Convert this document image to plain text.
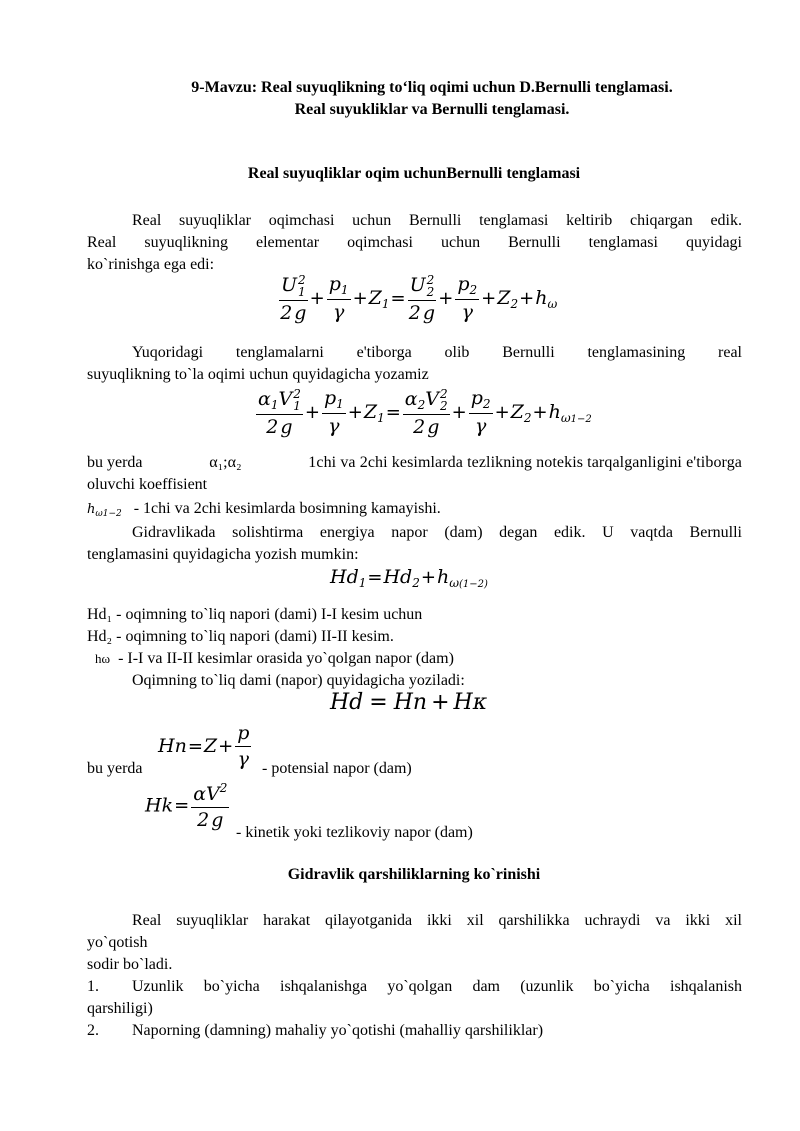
9-Mavzu: Real suyuqlikning to‘liq oqimi uchun D.Bernulli tenglamasi.
Real suyukliklar va Bernulli tenglamasi.
Real suyuqliklar oqim uchunBernulli tenglamasi
Real suyuqliklar oqimchasi uchun Bernulli tenglamasi keltirib chiqargan edik.
Real suyuqlikning elementar oqimchasi uchun Bernulli tenglamasi quyidagi
ko`rinishga ega edi:
U 2
1
2 $g + \frac{p_1}{\gamma} +Z_1= U$ 2
2
2 $g + \frac{p_2}{\gamma} +Z_2+h_\omega$
Yuqoridagi tenglamalarni e'tiborga olib Bernulli tenglamasining real
suyuqlikning to`la oqimi uchun quyidagicha yozamiz
$\alpha_1V$ 2
1
2 $g + \frac{p_1}{\gamma} +Z_1= \alpha_2V$ 2
2
2 $g + \frac{p_2}{\gamma} +Z_2+h_{\omega 1-2}$
bu yerda	α₁;α₂	1chi va 2chi kesimlarda tezlikning notekis tarqalganligini e'tiborga
oluvchi koeffisient
$h_{\omega 1-2} - 1chi$ va 2chi kesimlarda bosimning kamayishi.
Gidravlikada solishtirma energiya napor (dam) degan edik. U vaqtda Bernulli
tenglamasini quyidagicha yozish mumkin:
$Hd_1=Hd_2+h_{\omega(1-2)}$
Hd₁ - oqimning to`liq napori (dami) I-I kesim uchun
Hd₂ - oqimning to`liq napori (dami) II-II kesim.
hω - I-I va II-II kesimlar orasida yo`qolgan napor (dam)
Oqimning to`liq dami (napor) quyidagicha yoziladi:
Hd = Hn + Hκ
$Hn=Z+ \frac{p}{\gamma}$
bu yerda	- potensial napor (dam)
$Hk= \frac{\alpha V^2}{2 g}$
- kinetik yoki tezlikoviy napor (dam)
Gidravlik qarshiliklarning ko`rinishi
Real suyuqliklar harakat qilayotganida ikki xil qarshilikka uchraydi va ikki xil
yo`qotish
sodir bo`ladi.
1.	Uzunlik bo`yicha ishqalanishga yo`qolgan dam (uzunlik bo`yicha ishqalanish
qarshiligi)
2.	Naporning (damning) mahaliy yo`qotishi (mahalliy qarshiliklar)
